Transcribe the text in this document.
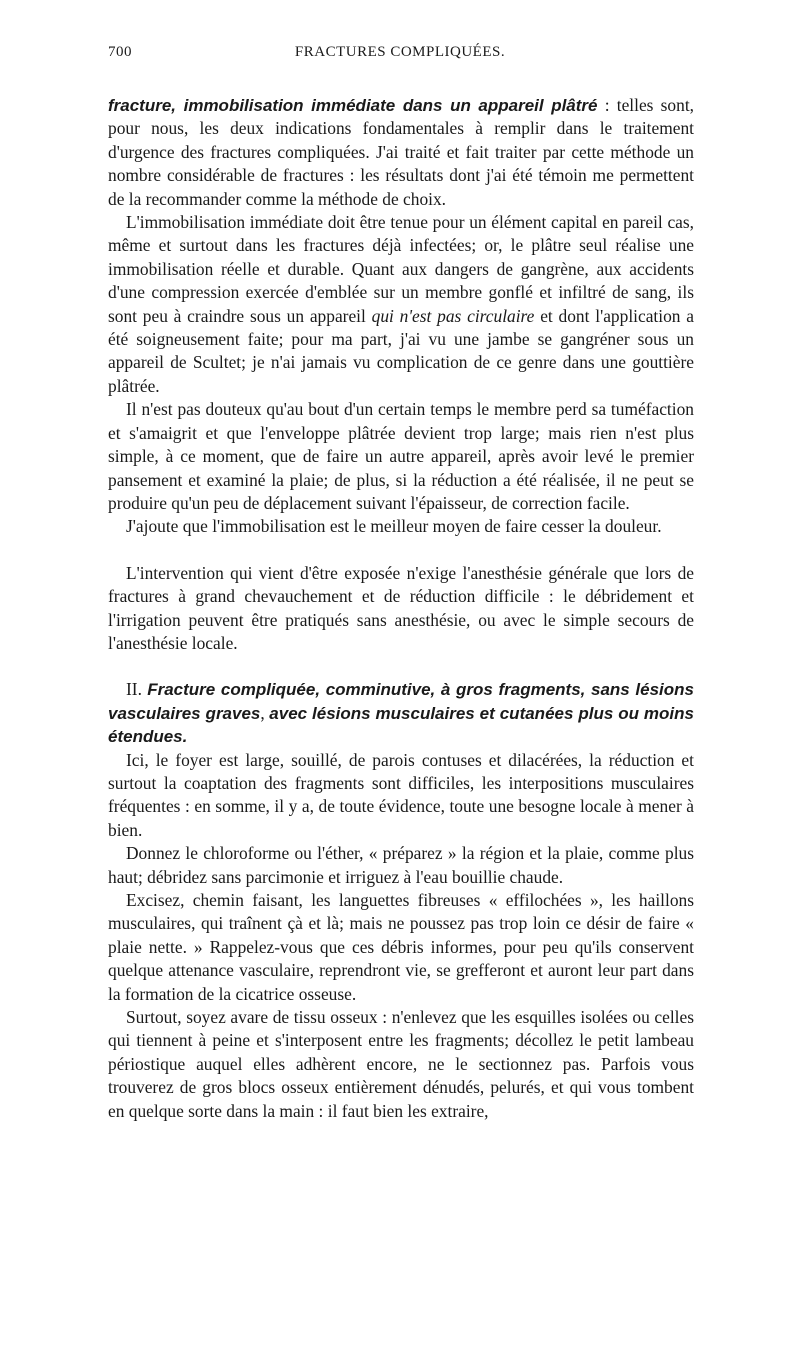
700	FRACTURES COMPLIQUÉES.

fracture, immobilisation immédiate dans un appareil plâtré : telles sont, pour nous, les deux indications fondamentales à remplir dans le traitement d'urgence des fractures compliquées. J'ai traité et fait traiter par cette méthode un nombre considérable de fractures : les résultats dont j'ai été témoin me permettent de la recommander comme la méthode de choix.

L'immobilisation immédiate doit être tenue pour un élément capital en pareil cas, même et surtout dans les fractures déjà infectées; or, le plâtre seul réalise une immobilisation réelle et durable. Quant aux dangers de gangrène, aux accidents d'une compression exercée d'emblée sur un membre gonflé et infiltré de sang, ils sont peu à craindre sous un appareil qui n'est pas circulaire et dont l'application a été soigneusement faite; pour ma part, j'ai vu une jambe se gangréner sous un appareil de Scultet; je n'ai jamais vu complication de ce genre dans une gouttière plâtrée.

Il n'est pas douteux qu'au bout d'un certain temps le membre perd sa tuméfaction et s'amaigrit et que l'enveloppe plâtrée devient trop large; mais rien n'est plus simple, à ce moment, que de faire un autre appareil, après avoir levé le premier pansement et examiné la plaie; de plus, si la réduction a été réalisée, il ne peut se produire qu'un peu de déplacement suivant l'épaisseur, de correction facile.

J'ajoute que l'immobilisation est le meilleur moyen de faire cesser la douleur.

L'intervention qui vient d'être exposée n'exige l'anesthésie générale que lors de fractures à grand chevauchement et de réduction difficile : le débridement et l'irrigation peuvent être pratiqués sans anesthésie, ou avec le simple secours de l'anesthésie locale.

II. Fracture compliquée, comminutive, à gros fragments, sans lésions vasculaires graves, avec lésions musculaires et cutanées plus ou moins étendues.

Ici, le foyer est large, souillé, de parois contuses et dilacérées, la réduction et surtout la coaptation des fragments sont difficiles, les interpositions musculaires fréquentes : en somme, il y a, de toute évidence, toute une besogne locale à mener à bien.

Donnez le chloroforme ou l'éther, « préparez » la région et la plaie, comme plus haut; débridez sans parcimonie et irriguez à l'eau bouillie chaude.

Excisez, chemin faisant, les languettes fibreuses « effilochées », les haillons musculaires, qui traînent çà et là; mais ne poussez pas trop loin ce désir de faire « plaie nette. » Rappelez-vous que ces débris informes, pour peu qu'ils conservent quelque attenance vasculaire, reprendront vie, se grefferont et auront leur part dans la formation de la cicatrice osseuse.

Surtout, soyez avare de tissu osseux : n'enlevez que les esquilles isolées ou celles qui tiennent à peine et s'interposent entre les fragments; décollez le petit lambeau périostique auquel elles adhèrent encore, ne le sectionnez pas. Parfois vous trouverez de gros blocs osseux entièrement dénudés, pelurés, et qui vous tombent en quelque sorte dans la main : il faut bien les extraire,
